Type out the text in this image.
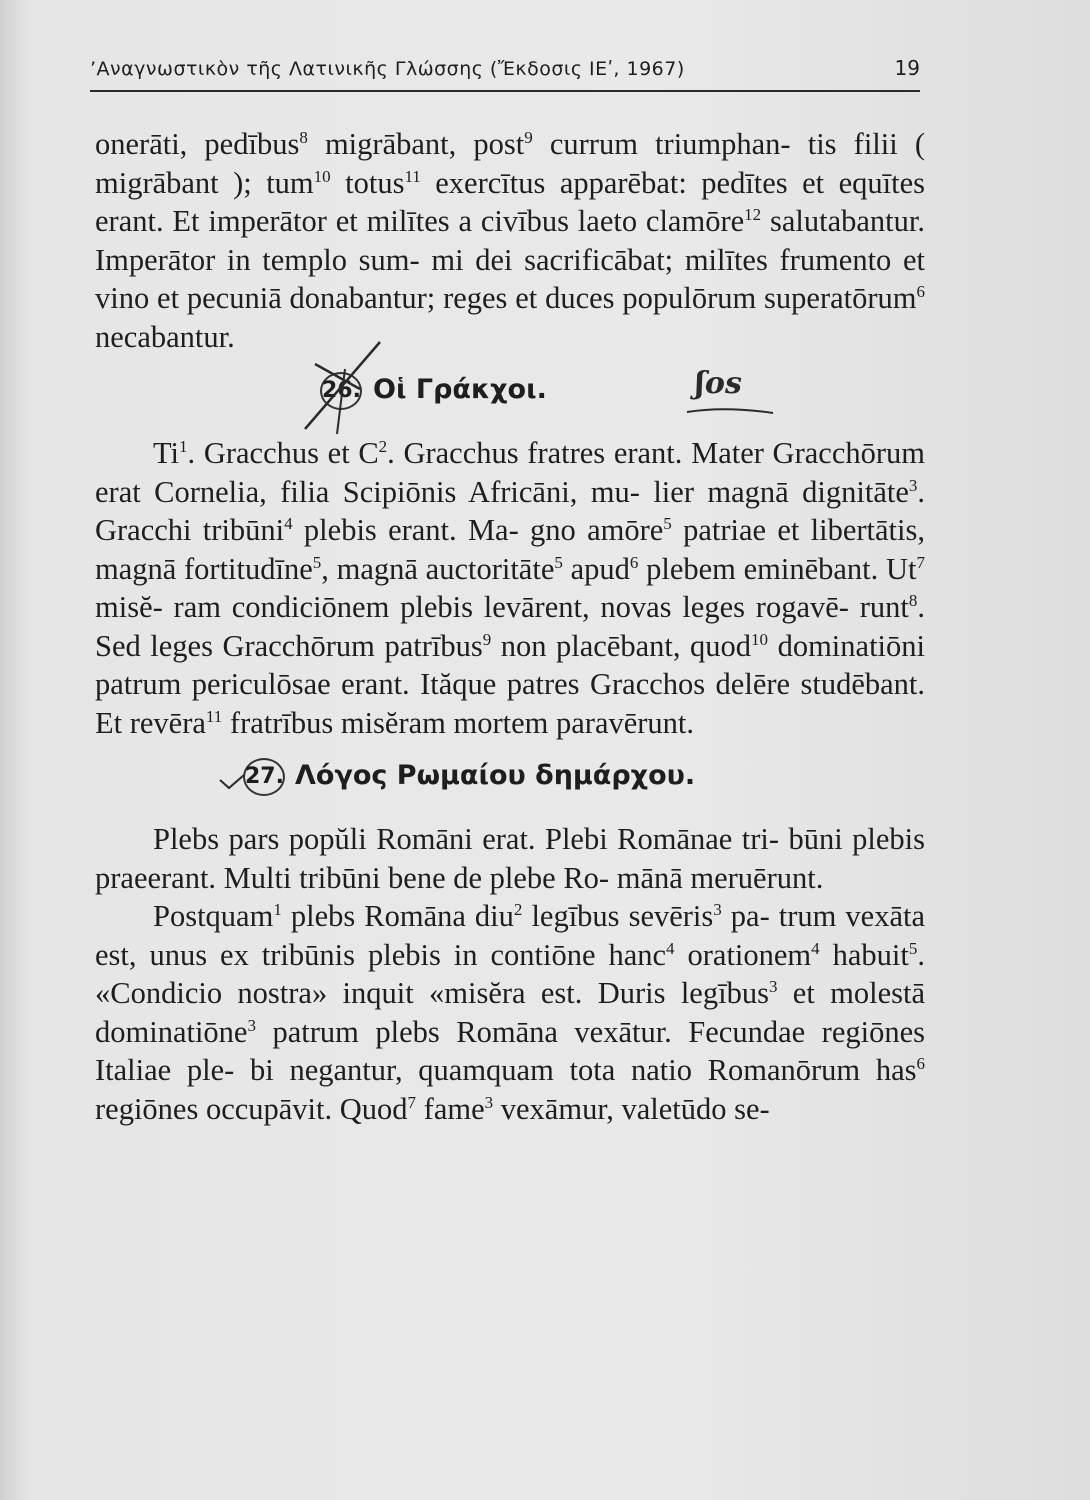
’Αναγνωστικὸν τῆς Λατινικῆς Γλώσσης (Ἔκδοσις ΙΕʹ, 1967)	19

onerāti, pedībus$^8$ migrābant, post$^9$ currum triumphan- tis filii ( migrābant ); tum$^{10}$ totus$^{11}$ exercītus apparēbat: pedītes et equītes erant. Et imperātor et milītes a civībus laeto clamōre$^{12}$ salutabantur. Imperātor in templo sum- mi dei sacrificābat; milītes frumento et vino et pecuniā donabantur; reges et duces populōrum superatōrum$^6$ necabantur.

26. Οἱ Γράκχοι.	ʃos

Ti$^1$. Gracchus et $C^2$. Gracchus fratres erant. Mater Gracchōrum erat Cornelia, filia Scipiōnis Africāni, mu- lier magnā dignitāte$^3$. Gracchi tribūni$^4$ plebis erant. Ma- gno amōre$^5$ patriae et libertātis, magnā fortitudīne$^5$, magnā auctoritāte$^5$ apud$^6$ plebem eminēbant. Ut$^7$ misĕ- ram condiciōnem plebis levārent, novas leges rogavē- runt$^8$. Sed leges Gracchōrum patrībus$^9$ non placēbant, quod$^{10}$ dominatiōni patrum periculōsae erant. Ităque patres Gracchos delēre studēbant. Et revēra$^{11}$ fratrībus misĕram mortem paravērunt.

27. Λόγος Ρωμαίου δημάρχου.

Plebs pars popŭli Romāni erat. Plebi Romānae tri- būni plebis praeerant. Multi tribūni bene de plebe Ro- mānā meruērunt.

Postquam$^1$ plebs Romāna diu$^2$ legībus sevēris$^3$ pa- trum vexāta est, unus ex tribūnis plebis in contiōne hanc$^4$ orationem$^4$ habuit$^5$. «Condicio nostra» inquit «misĕra est. Duris legībus$^3$ et molestā dominatiōne$^3$ patrum plebs Romāna vexātur. Fecundae regiōnes Italiae ple- bi negantur, quamquam tota natio Romanōrum has$^6$ regiōnes occupāvit. Quod$^7$ fame$^3$ vexāmur, valetūdo se-
